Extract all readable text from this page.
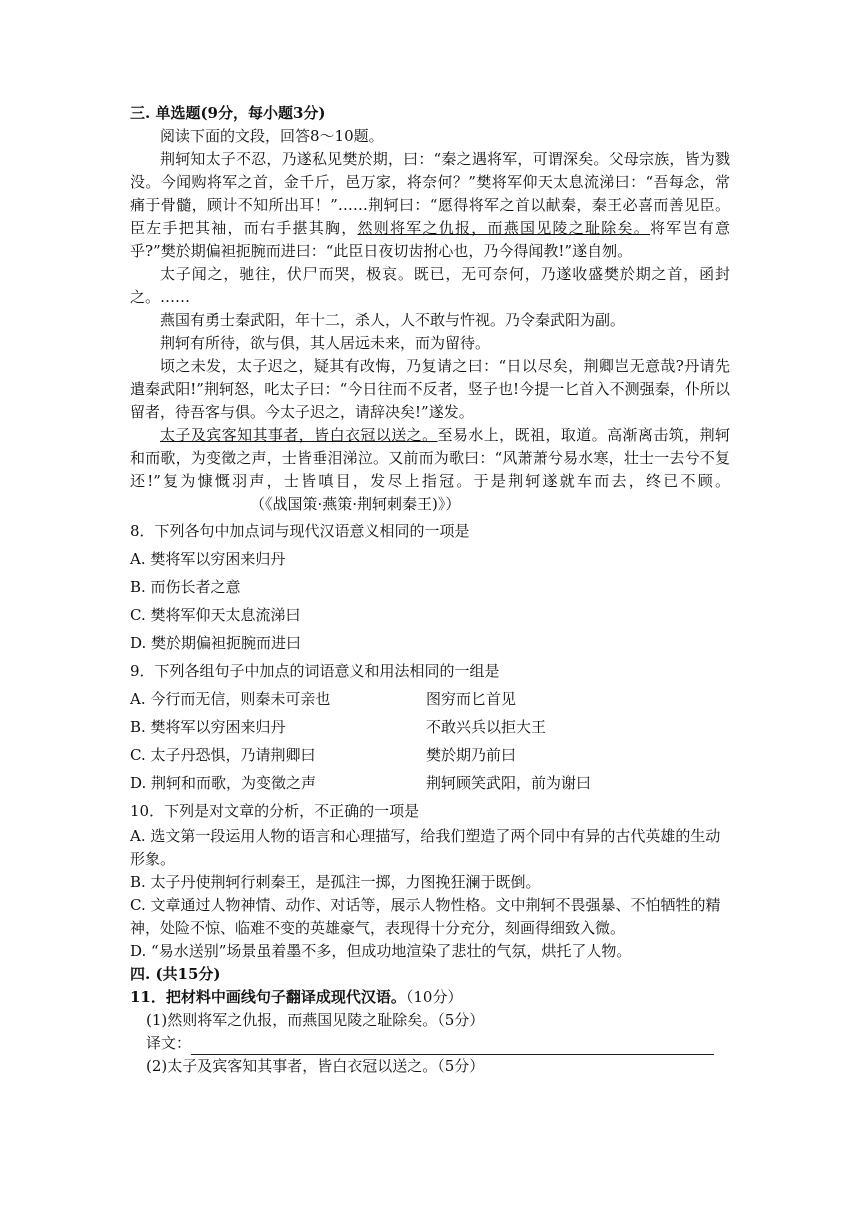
三. 单选题(9分，每小题3分)

阅读下面的文段，回答8～10题。

荆轲知太子不忍，乃遂私见樊於期，曰：“秦之遇将军，可谓深矣。父母宗族，皆为戮没。今闻购将军之首，金千斤，邑万家，将奈何？”樊将军仰天太息流涕曰：“吾每念，常痛于骨髓，顾计不知所出耳！”……荆轲曰：“愿得将军之首以献秦，秦王必喜而善见臣。臣左手把其袖，而右手揕其胸，然则将军之仇报，而燕国见陵之耻除矣。将军岂有意乎?”樊於期偏袒扼腕而进曰：“此臣日夜切齿拊心也，乃今得闻教!”遂自刎。

太子闻之，驰往，伏尸而哭，极哀。既已，无可奈何，乃遂收盛樊於期之首，函封之。……

燕国有勇士秦武阳，年十二，杀人，人不敢与忤视。乃令秦武阳为副。

荆轲有所待，欲与俱，其人居远未来，而为留待。

顷之未发，太子迟之，疑其有改悔，乃复请之曰：“日以尽矣，荆卿岂无意哉?丹请先遣秦武阳!”荆轲怒，叱太子曰：“今日往而不反者，竖子也!今提一匕首入不测强秦，仆所以留者，待吾客与俱。今太子迟之，请辞决矣!”遂发。

太子及宾客知其事者，皆白衣冠以送之。至易水上，既祖，取道。高渐离击筑，荆轲和而歌，为变徵之声，士皆垂泪涕泣。又前而为歌曰：“风萧萧兮易水寒，壮士一去兮不复还!”复为慷慨羽声，士皆嗔目，发尽上指冠。于是荆轲遂就车而去，终已不顾。（《战国策·燕策·荆轲刺秦王)》）

8．下列各句中加点词与现代汉语意义相同的一项是
A. 樊将军以穷困来归丹
B. 而伤长者之意
C. 樊将军仰天太息流涕曰
D. 樊於期偏袒扼腕而进曰
9．下列各组句子中加点的词语意义和用法相同的一组是
A. 今行而无信，则秦未可亲也	图穷而匕首见
B. 樊将军以穷困来归丹	不敢兴兵以拒大王
C. 太子丹恐惧，乃请荆卿曰	樊於期乃前曰
D. 荆轲和而歌，为变徵之声	荆轲顾笑武阳，前为谢曰
10．下列是对文章的分析，不正确的一项是
A. 选文第一段运用人物的语言和心理描写，给我们塑造了两个同中有异的古代英雄的生动形象。
B. 太子丹使荆轲行刺秦王，是孤注一掷，力图挽狂澜于既倒。
C. 文章通过人物神情、动作、对话等，展示人物性格。文中荆轲不畏强暴、不怕牺牲的精神，处险不惊、临难不变的英雄豪气，表现得十分充分，刻画得细致入微。
D. “易水送别”场景虽着墨不多，但成功地渲染了悲壮的气氛，烘托了人物。
四. (共15分)
11．把材料中画线句子翻译成现代汉语。（10分）
(1)然则将军之仇报，而燕国见陵之耻除矣。（5分）
译文：
(2)太子及宾客知其事者，皆白衣冠以送之。（5分）
